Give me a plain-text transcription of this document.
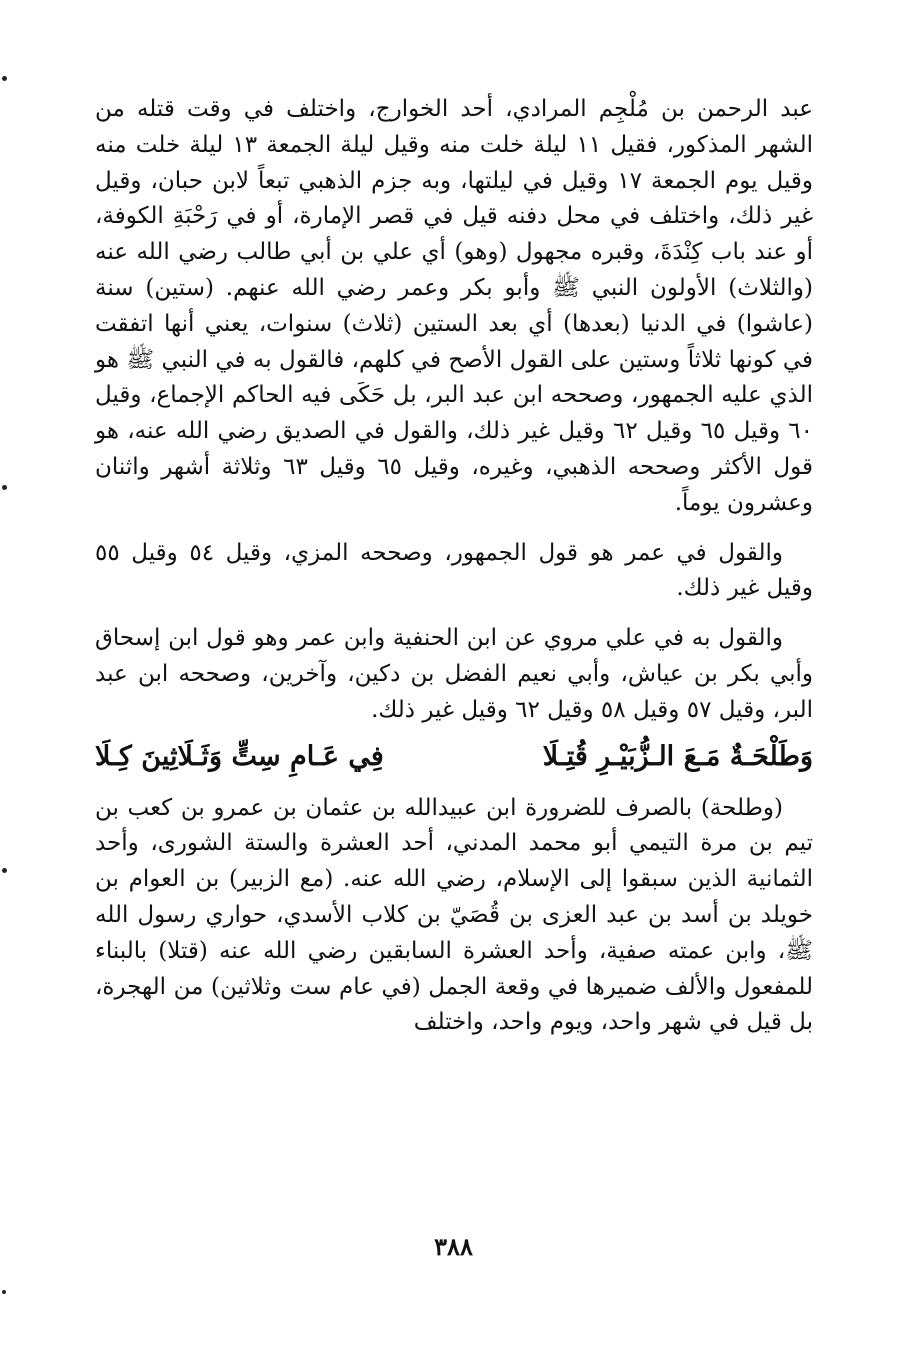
عبد الرحمن بن مُلْجِم المرادي، أحد الخوارج، واختلف في وقت قتله من الشهر المذكور، فقيل ١١ ليلة خلت منه وقيل ليلة الجمعة ١٣ ليلة خلت منه وقيل يوم الجمعة ١٧ وقيل في ليلتها، وبه جزم الذهبي تبعاً لابن حبان، وقيل غير ذلك، واختلف في محل دفنه قيل في قصر الإمارة، أو في رَحْبَةِ الكوفة، أو عند باب كِنْدَةَ، وقبره مجهول (وهو) أي علي بن أبي طالب رضي الله عنه (والثلاث) الأولون النبي ﷺ وأبو بكر وعمر رضي الله عنهم. (ستين) سنة (عاشوا) في الدنيا (بعدها) أي بعد الستين (ثلاث) سنوات، يعني أنها اتفقت في كونها ثلاثاً وستين على القول الأصح في كلهم، فالقول به في النبي ﷺ هو الذي عليه الجمهور، وصححه ابن عبد البر، بل حَكَى فيه الحاكم الإجماع، وقيل ٦٠ وقيل ٦٥ وقيل ٦٢ وقيل غير ذلك، والقول في الصديق رضي الله عنه، هو قول الأكثر وصححه الذهبي، وغيره، وقيل ٦٥ وقيل ٦٣ وثلاثة أشهر واثنان وعشرون يوماً.

والقول في عمر هو قول الجمهور، وصححه المزي، وقيل ٥٤ وقيل ٥٥ وقيل غير ذلك.

والقول به في علي مروي عن ابن الحنفية وابن عمر وهو قول ابن إسحاق وأبي بكر بن عياش، وأبي نعيم الفضل بن دكين، وآخرين، وصححه ابن عبد البر، وقيل ٥٧ وقيل ٥٨ وقيل ٦٢ وقيل غير ذلك.

وَطَلْحَـةٌ مَـعَ الـزُّبَيْـرِ قُتِـلَا
فِي عَـامِ سِتٍّ وَثَـلَاثِينَ كِـلَا

(وطلحة) بالصرف للضرورة ابن عبيدالله بن عثمان بن عمرو بن كعب بن تيم بن مرة التيمي أبو محمد المدني، أحد العشرة والستة الشورى، وأحد الثمانية الذين سبقوا إلى الإسلام، رضي الله عنه. (مع الزبير) بن العوام بن خويلد بن أسد بن عبد العزى بن قُصَيّ بن كلاب الأسدي، حواري رسول الله ﷺ، وابن عمته صفية، وأحد العشرة السابقين رضي الله عنه (قتلا) بالبناء للمفعول والألف ضميرها في وقعة الجمل (في عام ست وثلاثين) من الهجرة، بل قيل في شهر واحد، ويوم واحد، واختلف

٣٨٨
